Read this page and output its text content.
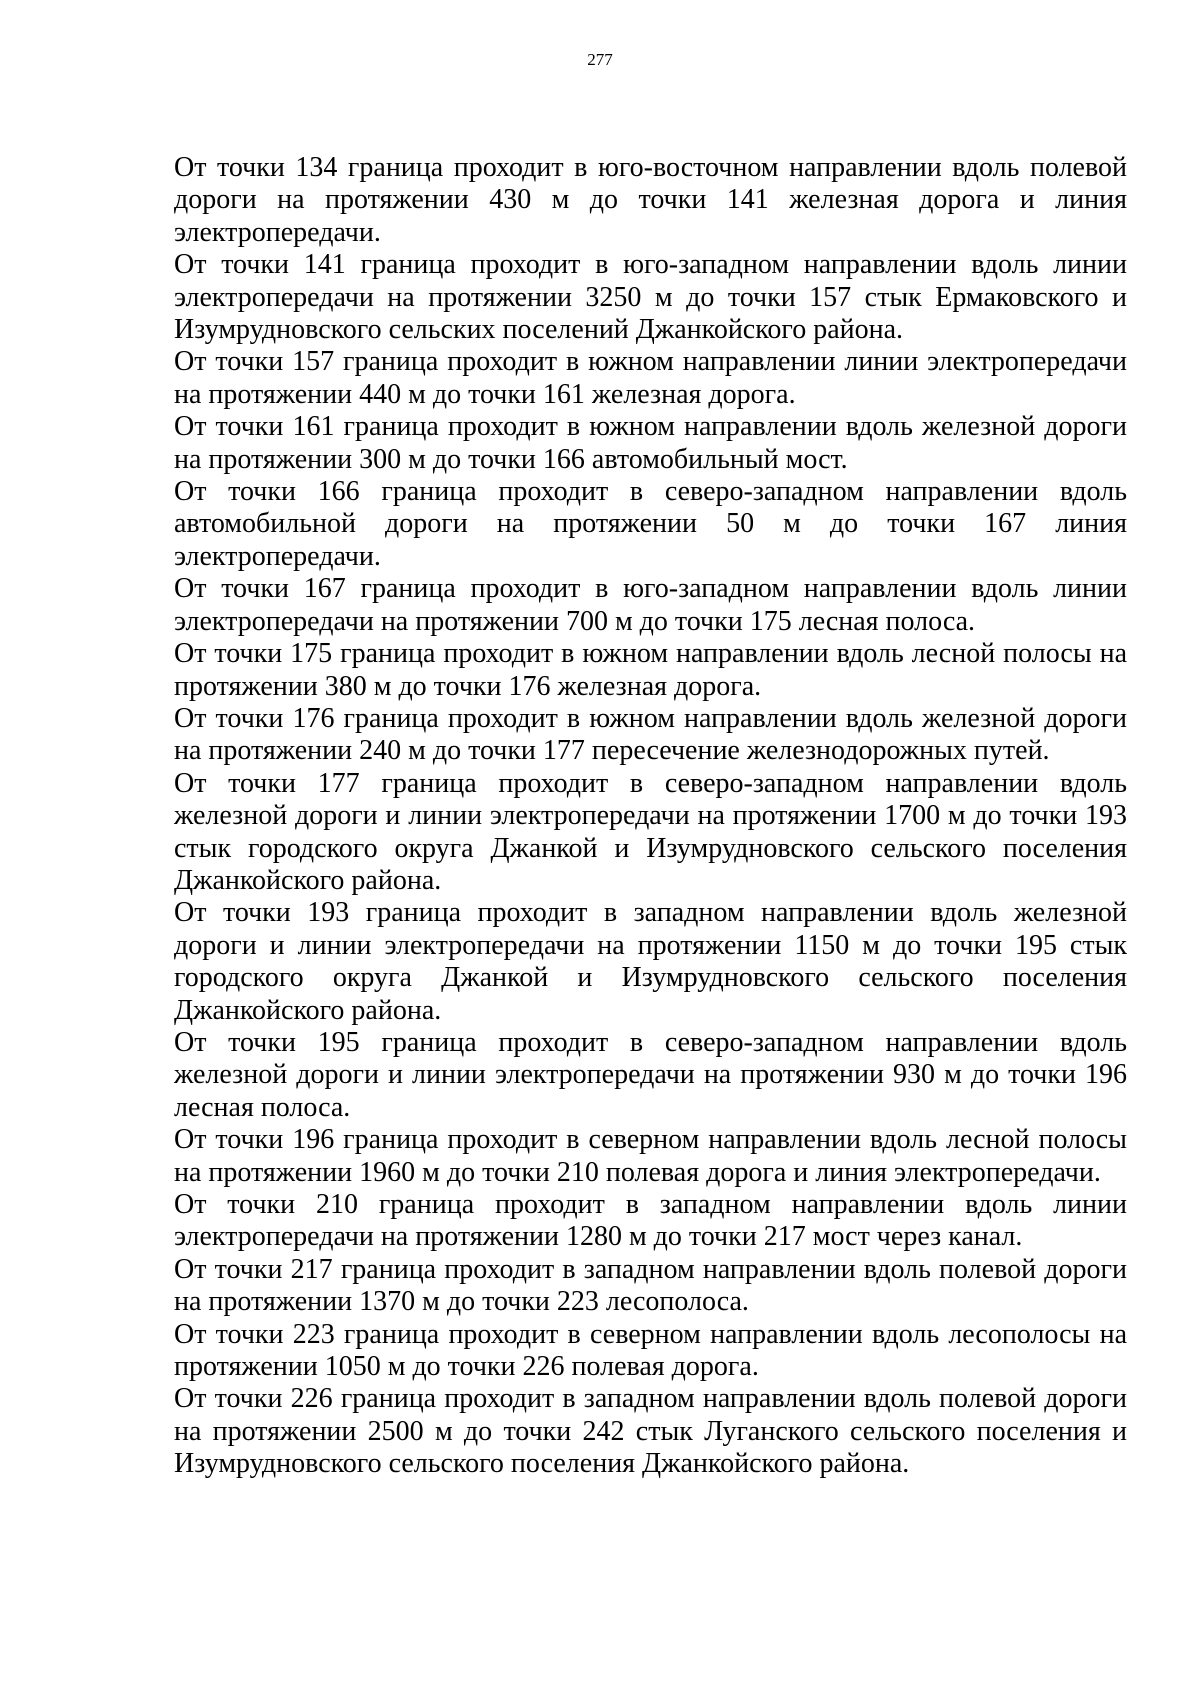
277

От точки 134 граница проходит в юго-восточном направлении вдоль полевой дороги на протяжении 430 м до точки 141 железная дорога и линия электропередачи.

От точки 141 граница проходит в юго-западном направлении вдоль линии электропередачи на протяжении 3250 м до точки 157 стык Ермаковского и Изумрудновского сельских поселений Джанкойского района.

От точки 157 граница проходит в южном направлении линии электропередачи на протяжении 440 м до точки 161 железная дорога.

От точки 161 граница проходит в южном направлении вдоль железной дороги на протяжении 300 м до точки 166 автомобильный мост.

От точки 166 граница проходит в северо-западном направлении вдоль автомобильной дороги на протяжении 50 м до точки 167 линия электропередачи.

От точки 167 граница проходит в юго-западном направлении вдоль линии электропередачи на протяжении 700 м до точки 175 лесная полоса.

От точки 175 граница проходит в южном направлении вдоль лесной полосы на протяжении 380 м до точки 176 железная дорога.

От точки 176 граница проходит в южном направлении вдоль железной дороги на протяжении 240 м до точки 177 пересечение железнодорожных путей.

От точки 177 граница проходит в северо-западном направлении вдоль железной дороги и линии электропередачи на протяжении 1700 м до точки 193 стык городского округа Джанкой и Изумрудновского сельского поселения Джанкойского района.

От точки 193 граница проходит в западном направлении вдоль железной дороги и линии электропередачи на протяжении 1150 м до точки 195 стык городского округа Джанкой и Изумрудновского сельского поселения Джанкойского района.

От точки 195 граница проходит в северо-западном направлении вдоль железной дороги и линии электропередачи на протяжении 930 м до точки 196 лесная полоса.

От точки 196 граница проходит в северном направлении вдоль лесной полосы на протяжении 1960 м до точки 210 полевая дорога и линия электропередачи.

От точки 210 граница проходит в западном направлении вдоль линии электропередачи на протяжении 1280 м до точки 217 мост через канал.

От точки 217 граница проходит в западном направлении вдоль полевой дороги на протяжении 1370 м до точки 223 лесополоса.

От точки 223 граница проходит в северном направлении вдоль лесополосы на протяжении 1050 м до точки 226 полевая дорога.

От точки 226 граница проходит в западном направлении вдоль полевой дороги на протяжении 2500 м до точки 242 стык Луганского сельского поселения и Изумрудновского сельского поселения Джанкойского района.
